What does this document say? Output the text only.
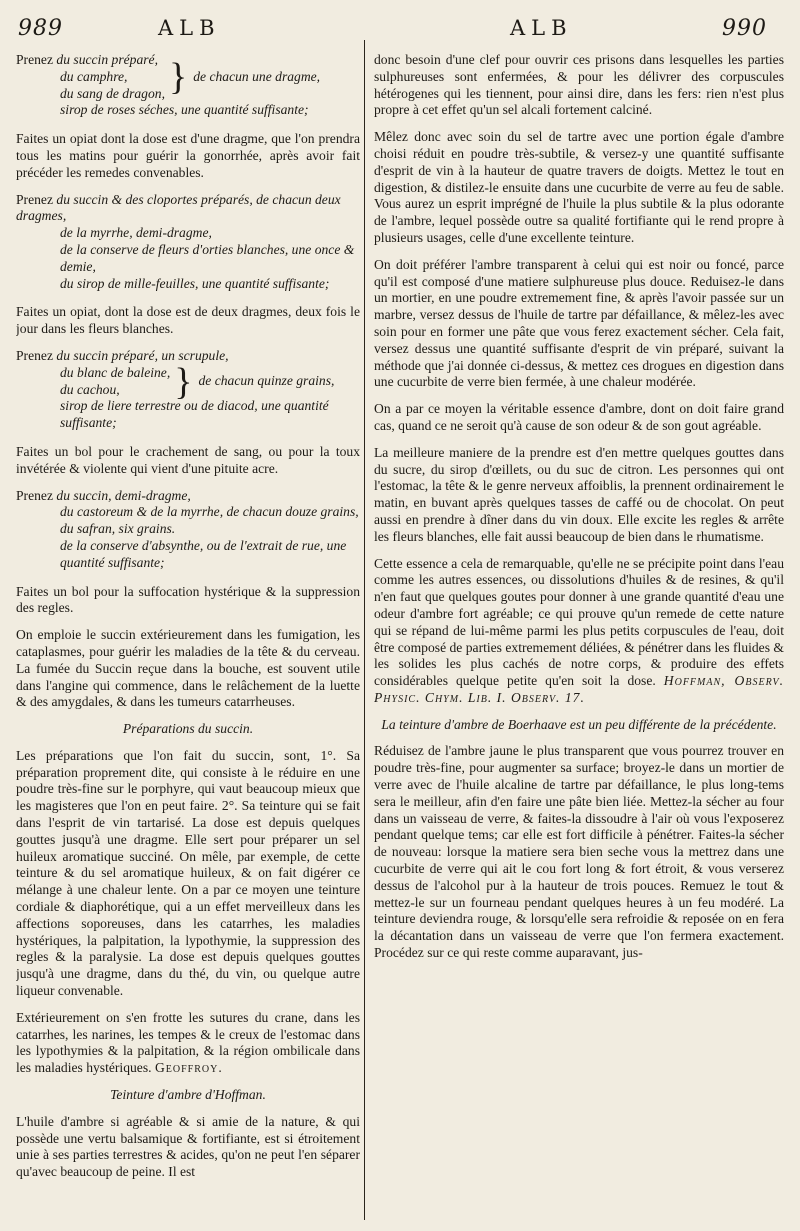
989	ALB	ALB	990
Prenez du succin préparé,
du camphre,
du sang de dragon, } de chacun une dragme,
sirop de roses séches, une quantité suffisante;

Faites un opiat dont la dose est d'une dragme, que l'on prendra tous les matins pour guérir la gonorrhée, après avoir fait précéder les remedes convenables.

Prenez du succin & des cloportes préparés, de chacun deux dragmes,
de la myrrhe, demi-dragme,
de la conserve de fleurs d'orties blanches, une once & demie,
du sirop de mille-feuilles, une quantité suffisante;

Faites un opiat, dont la dose est de deux dragmes, deux fois le jour dans les fleurs blanches.

Prenez du succin préparé, un scrupule,
du blanc de baleine,
du cachou,	} de chacun quinze grains,
sirop de liere terrestre ou de diacod, une quantité suffisante;

Faites un bol pour le crachement de sang, ou pour la toux invétérée & violente qui vient d'une pituite acre.

Prenez du succin, demi-dragme,
du castoreum & de la myrrhe, de chacun douze grains,
du safran, six grains.
de la conserve d'absynthe, ou de l'extrait de rue, une quantité suffisante;

Faites un bol pour la suffocation hystérique & la suppression des regles.

On emploie le succin extérieurement dans les fumigation, les cataplasmes, pour guérir les maladies de la tête & du cerveau. La fumée du Succin reçue dans la bouche, est souvent utile dans l'angine qui commence, dans le relâchement de la luette & des amygdales, & dans les tumeurs catarrheuses.

Préparations du succin.

Les préparations que l'on fait du succin, sont, 1°. Sa préparation proprement dite, qui consiste à le réduire en une poudre très-fine sur le porphyre, qui vaut beaucoup mieux que les magisteres que l'on en peut faire. 2°. Sa teinture qui se fait dans l'esprit de vin tartarisé. La dose est depuis quelques gouttes jusqu'à une dragme. Elle sert pour préparer un sel huileux aromatique succiné. On mêle, par exemple, de cette teinture & du sel aromatique huileux, & on fait digérer ce mélange à une chaleur lente. On a par ce moyen une teinture cordiale & diaphorétique, qui a un effet merveilleux dans les affections soporeuses, dans les catarrhes, les maladies hystériques, la palpitation, la lypothymie, la suppression des regles & la paralysie. La dose est depuis quelques gouttes jusqu'à une dragme, dans du thé, du vin, ou quelque autre liqueur convenable.

Extérieurement on s'en frotte les sutures du crane, dans les catarrhes, les narines, les tempes & le creux de l'estomac dans les lypothymies & la palpitation, & la région ombilicale dans les maladies hystériques. Geoffroy.

Teinture d'ambre d'Hoffman.

L'huile d'ambre si agréable & si amie de la nature, & qui possède une vertu balsamique & fortifiante, est si étroitement unie à ses parties terrestres & acides, qu'on ne peut l'en séparer qu'avec beaucoup de peine. Il est

donc besoin d'une clef pour ouvrir ces prisons dans lesquelles les parties sulphureuses sont enfermées, & pour les délivrer des corpuscules hétérogenes qui les tiennent, pour ainsi dire, dans les fers: rien n'est plus propre à cet effet qu'un sel alcali fortement calciné.

Mêlez donc avec soin du sel de tartre avec une portion égale d'ambre choisi réduit en poudre très-subtile, & versez-y une quantité suffisante d'esprit de vin à la hauteur de quatre travers de doigts. Mettez le tout en digestion, & distilez-le ensuite dans une cucurbite de verre au feu de sable. Vous aurez un esprit imprégné de l'huile la plus subtile & la plus odorante de l'ambre, lequel possède outre sa qualité fortifiante qui le rend propre à plusieurs usages, celle d'une excellente teinture.

On doit préférer l'ambre transparent à celui qui est noir ou foncé, parce qu'il est composé d'une matiere sulphureuse plus douce. Reduisez-le dans un mortier, en une poudre extremement fine, & après l'avoir passée sur un marbre, versez dessus de l'huile de tartre par défaillance, & mêlez-les avec soin pour en former une pâte que vous ferez exactement sécher. Cela fait, versez dessus une quantité suffisante d'esprit de vin préparé, suivant la méthode que j'ai donnée ci-dessus, & mettez ces drogues en digestion dans une cucurbite de verre bien fermée, à une chaleur modérée.

On a par ce moyen la véritable essence d'ambre, dont on doit faire grand cas, quand ce ne seroit qu'à cause de son odeur & de son gout agréable.

La meilleure maniere de la prendre est d'en mettre quelques gouttes dans du sucre, du sirop d'œillets, ou du suc de citron. Les personnes qui ont l'estomac, la tête & le genre nerveux affoiblis, la prennent ordinairement le matin, en buvant après quelques tasses de caffé ou de chocolat. On peut aussi en prendre à dîner dans du vin doux. Elle excite les regles & arrête les fleurs blanches, elle fait aussi beaucoup de bien dans le rhumatisme.

Cette essence a cela de remarquable, qu'elle ne se précipite point dans l'eau comme les autres essences, ou dissolutions d'huiles & de resines, & qu'il n'en faut que quelques goutes pour donner à une grande quantité d'eau une odeur d'ambre fort agréable; ce qui prouve qu'un remede de cette nature qui se répand de lui-même parmi les plus petits corpuscules de l'eau, doit être composé de parties extremement déliées, & pénétrer dans les fluides & les solides les plus cachés de notre corps, & produire des effets considérables quelque petite qu'en soit la dose. Hoffman, Observ. Physic. Chym. Lib. I. Observ. 17.

La teinture d'ambre de Boerhaave est un peu différente de la précédente.

Réduisez de l'ambre jaune le plus transparent que vous pourrez trouver en poudre très-fine, pour augmenter sa surface; broyez-le dans un mortier de verre avec de l'huile alcaline de tartre par défaillance, le plus long-tems sera le meilleur, afin d'en faire une pâte bien liée. Mettez-la sécher au four dans un vaisseau de verre, & faites-la dissoudre à l'air où vous l'exposerez pendant quelque tems; car elle est fort difficile à pénétrer. Faites-la sécher de nouveau: lorsque la matiere sera bien seche vous la mettrez dans une cucurbite de verre qui ait le cou fort long & fort étroit, & vous verserez dessus de l'alcohol pur à la hauteur de trois pouces. Remuez le tout & mettez-le sur un fourneau pendant quelques heures à un feu modéré. La teinture deviendra rouge, & lorsqu'elle sera refroidie & reposée on en fera la décantation dans un vaisseau de verre que l'on fermera exactement. Procédez sur ce qui reste comme auparavant, jus-
